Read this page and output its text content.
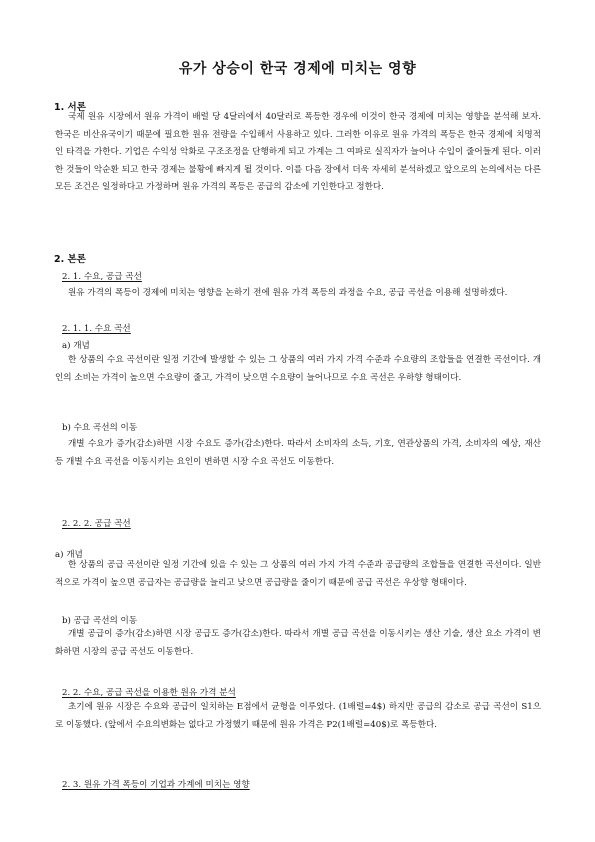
유가 상승이 한국 경제에 미치는 영향
1. 서론

국제 원유 시장에서 원유 가격이 배럴 당 4달러에서 40달러로 폭등한 경우에 이것이 한국 경제에 미치는 영향을 분석해 보자. 한국은 비산유국이기 때문에 필요한 원유 전량을 수입해서 사용하고 있다. 그러한 이유로 원유 가격의 폭등은 한국 경제에 치명적인 타격을 가한다. 기업은 수익성 악화로 구조조정을 단행하게 되고 가계는 그 여파로 실직자가 늘어나 수입이 줄어들게 된다. 이러한 것들이 악순환 되고 한국 경제는 불황에 빠지게 될 것이다. 이를 다음 장에서 더욱 자세히 분석하겠고 앞으로의 논의에서는 다른 모든 조건은 일정하다고 가정하며 원유 가격의 폭등은 공급의 감소에 기인한다고 정한다.

2. 본론
2. 1. 수요, 공급 곡선

원유 가격의 폭등이 경제에 미치는 영향을 논하기 전에 원유 가격 폭등의 과정을 수요, 공급 곡선을 이용해 설명하겠다.

2. 1. 1. 수요 곡선
a) 개념

한 상품의 수요 곡선이란 일정 기간에 발생할 수 있는 그 상품의 여러 가지 가격 수준과 수요량의 조합들을 연결한 곡선이다. 개인의 소비는 가격이 높으면 수요량이 줄고, 가격이 낮으면 수요량이 늘어나므로 수요 곡선은 우하향 형태이다.

b) 수요 곡선의 이동

개별 수요가 증가(감소)하면 시장 수요도 증가(감소)한다. 따라서 소비자의 소득, 기호, 연관상품의 가격, 소비자의 예상, 재산 등 개별 수요 곡선을 이동시키는 요인이 변하면 시장 수요 곡선도 이동한다.

2. 2. 2. 공급 곡선
a) 개념

한 상품의 공급 곡선이란 일정 기간에 있을 수 있는 그 상품의 여러 가지 가격 수준과 공급량의 조합들을 연결한 곡선이다. 일반적으로 가격이 높으면 공급자는 공급량을 늘리고 낮으면 공급량을 줄이기 때문에 공급 곡선은 우상향 형태이다.

b) 공급 곡선의 이동

개별 공급이 증가(감소)하면 시장 공급도 증가(감소)한다. 따라서 개별 공급 곡선을 이동시키는 생산 기술, 생산 요소 가격이 변화하면 시장의 공급 곡선도 이동한다.

2. 2. 수요, 공급 곡선을 이용한 원유 가격 분석

초기에 원유 시장은 수요와 공급이 일치하는 E점에서 균형을 이루었다. (1배럴=4$) 하지만 공급의 감소로 공급 곡선이 S1으로 이동했다. (앞에서 수요의변화는 없다고 가정했기 때문에 원유 가격은 P2(1배럴=40$)로 폭등한다.

2. 3. 원유 가격 폭등이 기업과 가계에 미치는 영향
